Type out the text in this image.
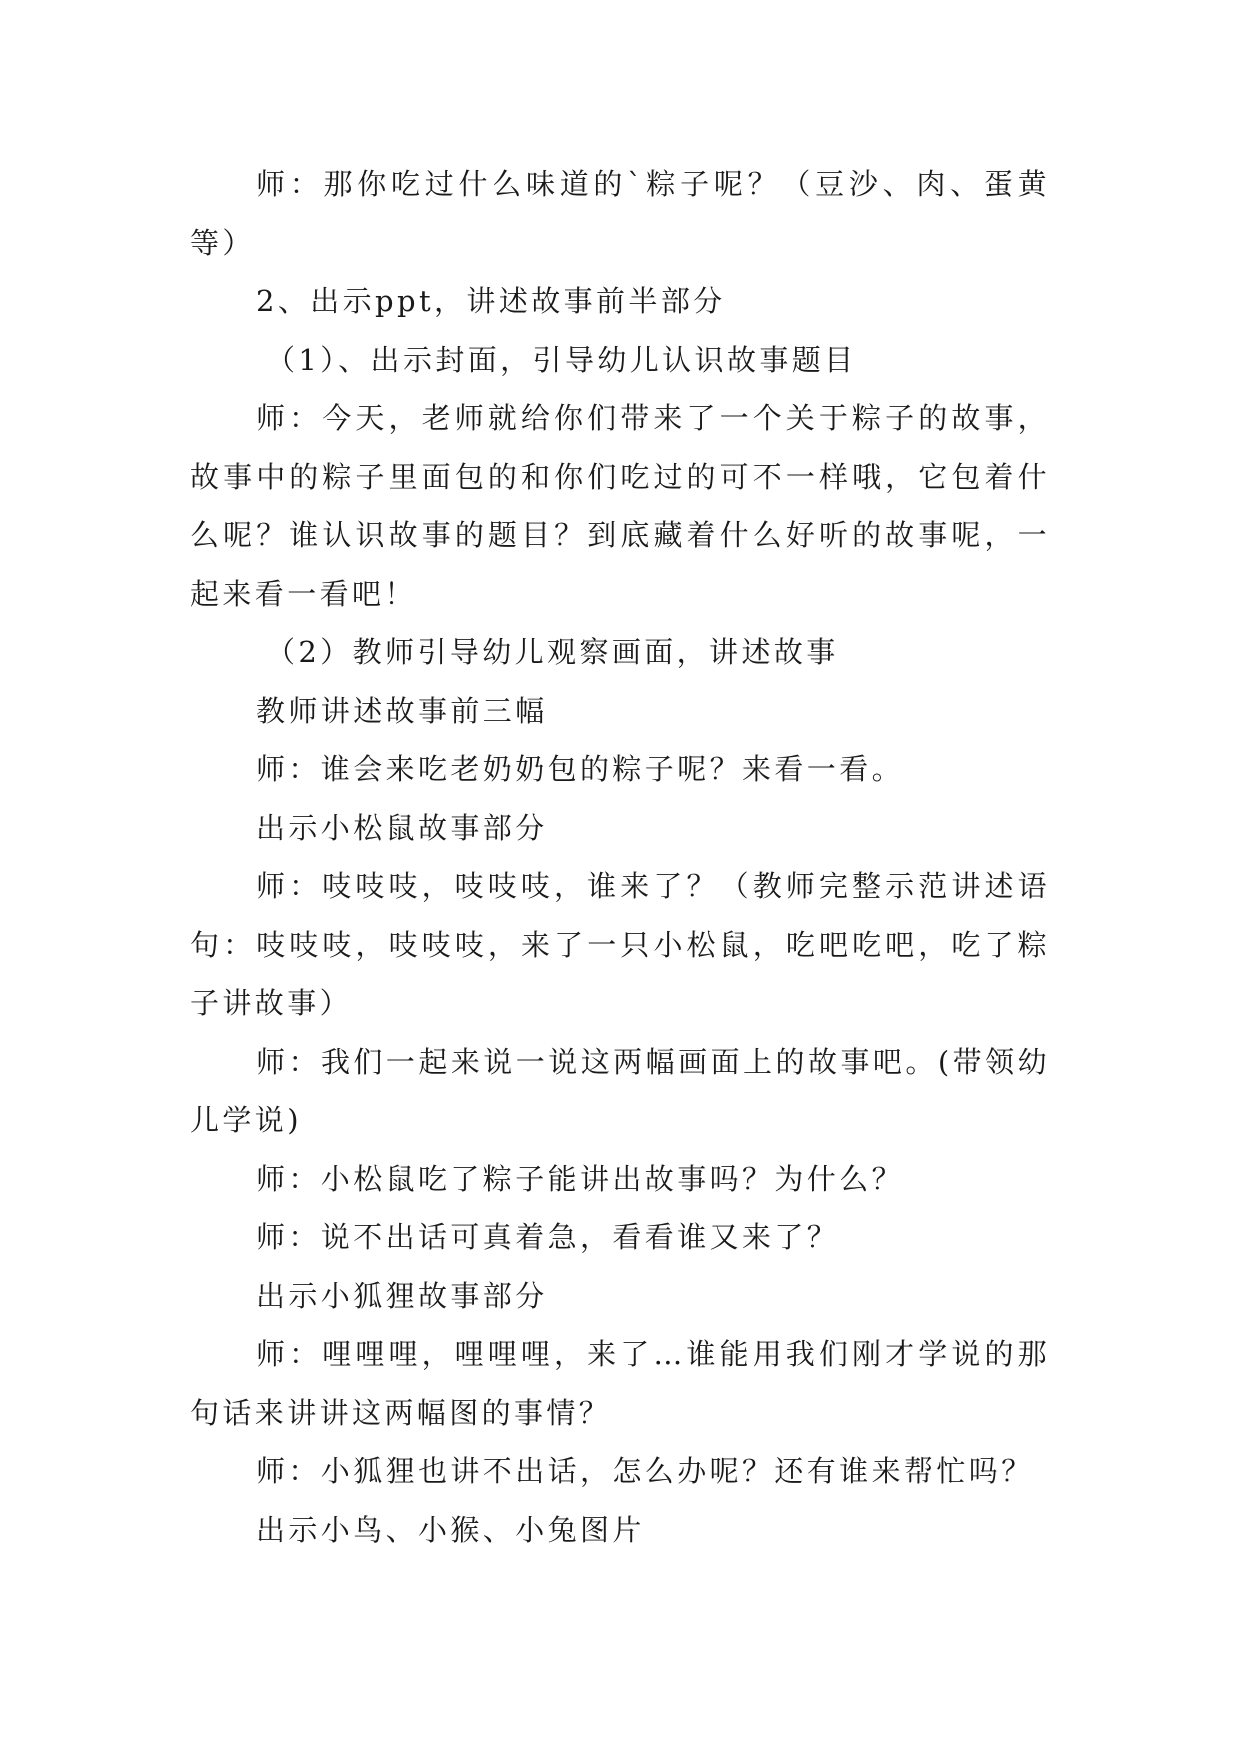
师：那你吃过什么味道的`粽子呢？（豆沙、肉、蛋黄等）

2、出示ppt，讲述故事前半部分

（1）、出示封面，引导幼儿认识故事题目

师：今天，老师就给你们带来了一个关于粽子的故事，故事中的粽子里面包的和你们吃过的可不一样哦，它包着什么呢？谁认识故事的题目？到底藏着什么好听的故事呢，一起来看一看吧！

（2）教师引导幼儿观察画面，讲述故事

教师讲述故事前三幅

师：谁会来吃老奶奶包的粽子呢？来看一看。

出示小松鼠故事部分

师：吱吱吱，吱吱吱，谁来了？（教师完整示范讲述语句：吱吱吱，吱吱吱，来了一只小松鼠，吃吧吃吧，吃了粽子讲故事）

师：我们一起来说一说这两幅画面上的故事吧。(带领幼儿学说)

师：小松鼠吃了粽子能讲出故事吗？为什么？

师：说不出话可真着急，看看谁又来了？

出示小狐狸故事部分

师：哩哩哩，哩哩哩，来了…谁能用我们刚才学说的那句话来讲讲这两幅图的事情？

师：小狐狸也讲不出话，怎么办呢？还有谁来帮忙吗？

出示小鸟、小猴、小兔图片
